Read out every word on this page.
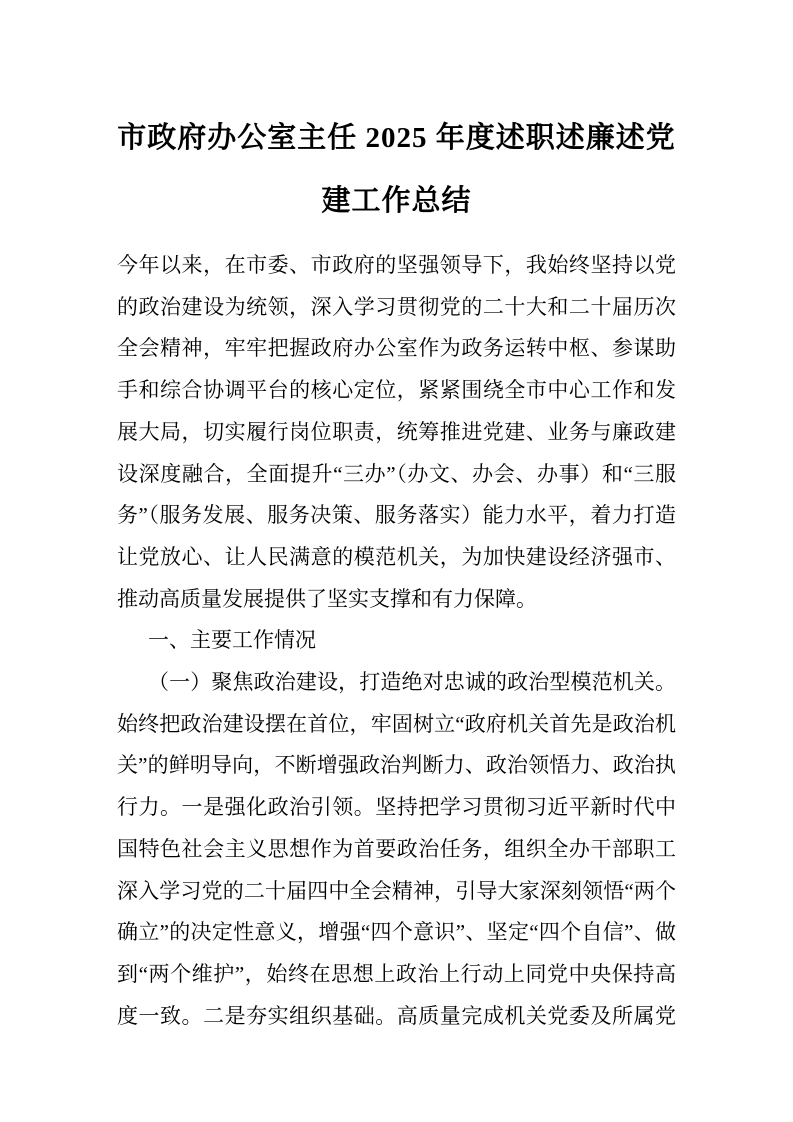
市政府办公室主任 2025 年度述职述廉述党
建工作总结
今年以来，在市委、市政府的坚强领导下，我始终坚持以党
的政治建设为统领，深入学习贯彻党的二十大和二十届历次
全会精神，牢牢把握政府办公室作为政务运转中枢、参谋助
手和综合协调平台的核心定位，紧紧围绕全市中心工作和发
展大局，切实履行岗位职责，统筹推进党建、业务与廉政建
设深度融合，全面提升“三办”（办文、办会、办事）和“三服
务”（服务发展、服务决策、服务落实）能力水平，着力打造
让党放心、让人民满意的模范机关，为加快建设经济强市、
推动高质量发展提供了坚实支撑和有力保障。
一、主要工作情况
（一）聚焦政治建设，打造绝对忠诚的政治型模范机关。
始终把政治建设摆在首位，牢固树立“政府机关首先是政治机
关”的鲜明导向，不断增强政治判断力、政治领悟力、政治执
行力。一是强化政治引领。坚持把学习贯彻习近平新时代中
国特色社会主义思想作为首要政治任务，组织全办干部职工
深入学习党的二十届四中全会精神，引导大家深刻领悟“两个
确立”的决定性意义，增强“四个意识”、坚定“四个自信”、做
到“两个维护”，始终在思想上政治上行动上同党中央保持高
度一致。二是夯实组织基础。高质量完成机关党委及所属党
